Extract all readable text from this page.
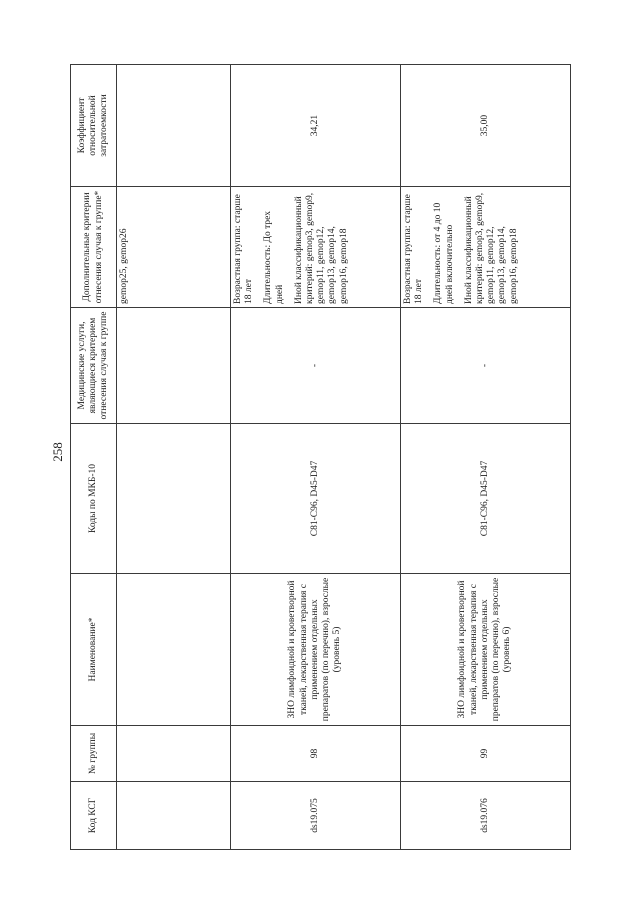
258
Код КСГ	№ группы	Наименование*	Коды по МКБ-10	Медицинские услуги, являющиеся критерием отнесения случая к группе	Дополнительные критерии отнесения случая к группе*	Коэффициент относительной затратоемкости
					gemop25, gemop26	
ds19.075	98	ЗНО лимфоидной и кроветворной тканей, лекарственная терапия с применением отдельных препаратов (по перечню), взрослые (уровень 5)	C81-C96, D45-D47	-	Возрастная группа: старше 18 лет Длительность: До трех дней Иной классификационный критерий: gemop3, gemop9, gemop11, gemop12, gemop13, gemop14, gemop16, gemop18	34,21
ds19.076	99	ЗНО лимфоидной и кроветворной тканей, лекарственная терапия с применением отдельных препаратов (по перечню), взрослые (уровень 6)	C81-C96, D45-D47	-	Возрастная группа: старше 18 лет Длительность: от 4 до 10 дней включительно Иной классификационный критерий: gemop3, gemop9, gemop11, gemop12, gemop13, gemop14, gemop16, gemop18	35,00
